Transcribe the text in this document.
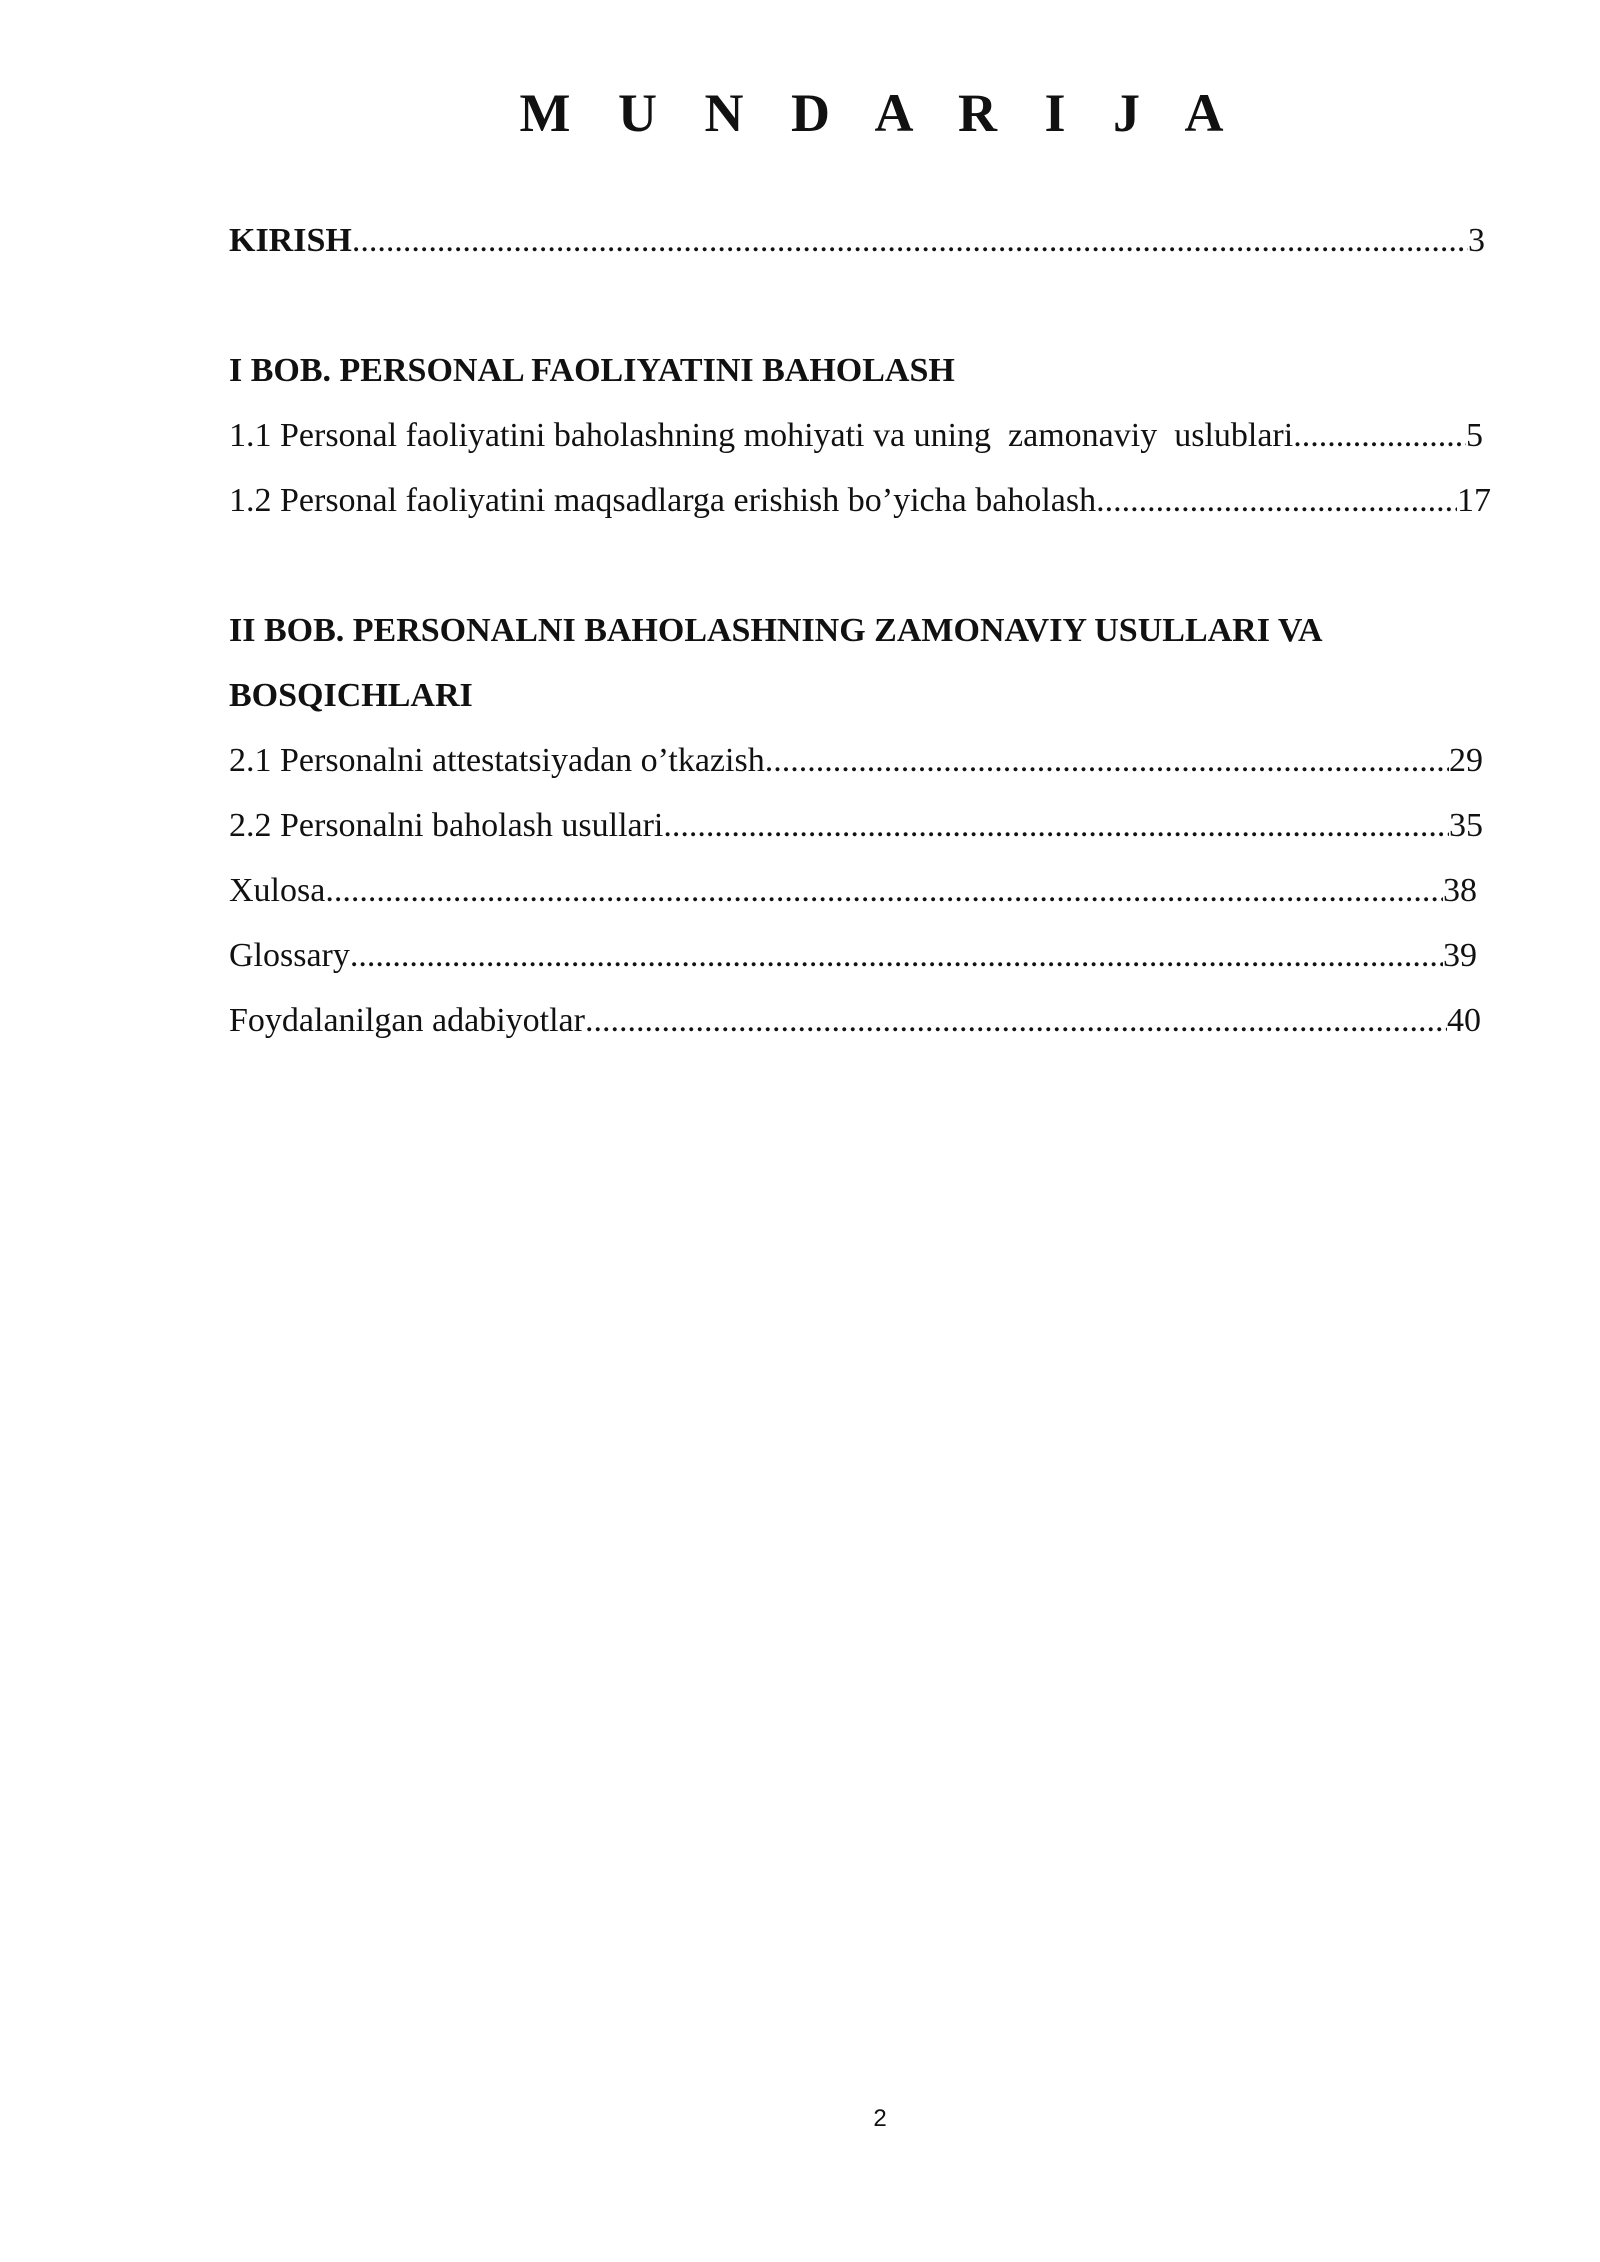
M U N D A R I J A
KIRISH .....	3
I BOB. PERSONAL FAOLIYATINI BAHOLASH
1.1 Personal faoliyatini baholashning mohiyati va uning  zamonaviy  uslublari .....	5
1.2 Personal faoliyatini maqsadlarga erishish bo’yicha baholash .....	17
II BOB. PERSONALNI BAHOLASHNING ZAMONAVIY USULLARI VA
BOSQICHLARI
2.1 Personalni attestatsiyadan o’tkazish .....	29
2.2 Personalni baholash usullari .....	35
Xulosa .....	38
Glossary .....	39
Foydalanilgan adabiyotlar .....	40
2
